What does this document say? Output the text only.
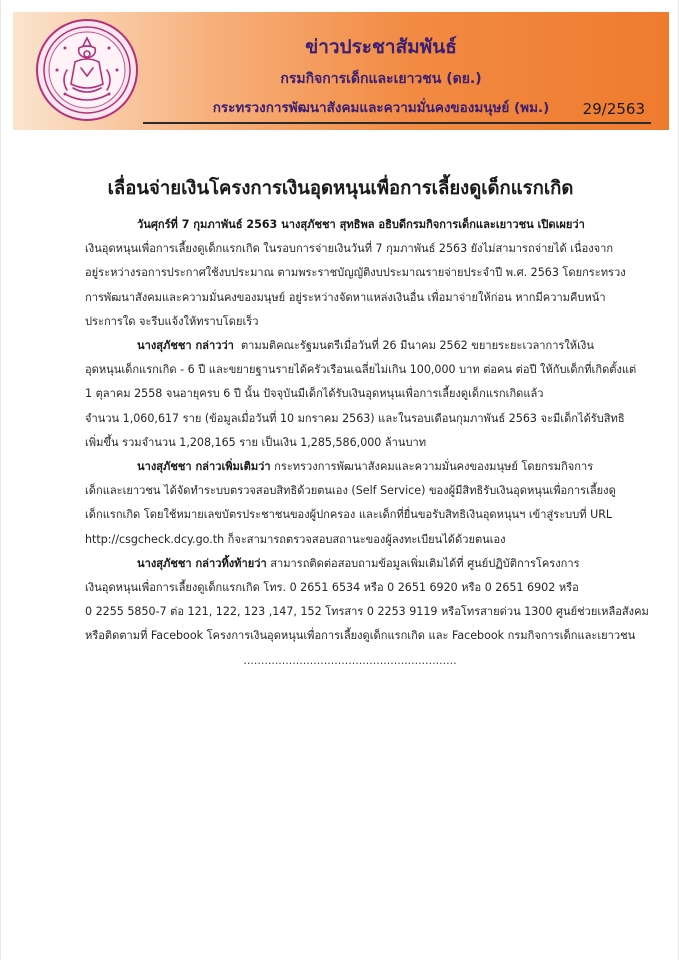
ข่าวประชาสัมพันธ์
กรมกิจการเด็กและเยาวชน (ดย.)
กระทรวงการพัฒนาสังคมและความมั่นคงของมนุษย์ (พม.)	29/2563
เลื่อนจ่ายเงินโครงการเงินอุดหนุนเพื่อการเลี้ยงดูเด็กแรกเกิด

วันศุกร์ที่ 7 กุมภาพันธ์ 2563 นางสุภัชชา สุทธิพล อธิบดีกรมกิจการเด็กและเยาวชน เปิดเผยว่า
เงินอุดหนุนเพื่อการเลี้ยงดูเด็กแรกเกิด ในรอบการจ่ายเงินวันที่ 7 กุมภาพันธ์ 2563 ยังไม่สามารถจ่ายได้ เนื่องจาก
อยู่ระหว่างรอการประกาศใช้งบประมาณ ตามพระราชบัญญัติงบประมาณรายจ่ายประจำปี พ.ศ. 2563 โดยกระทรวง
การพัฒนาสังคมและความมั่นคงของมนุษย์ อยู่ระหว่างจัดหาแหล่งเงินอื่น เพื่อมาจ่ายให้ก่อน หากมีความคืบหน้า
ประการใด จะรีบแจ้งให้ทราบโดยเร็ว

นางสุภัชชา กล่าวว่า ตามมติคณะรัฐมนตรีเมื่อวันที่ 26 มีนาคม 2562 ขยายระยะเวลาการให้เงิน
อุดหนุนเด็กแรกเกิด - 6 ปี และขยายฐานรายได้ครัวเรือนเฉลี่ยไม่เกิน 100,000 บาท ต่อคน ต่อปี ให้กับเด็กที่เกิดตั้งแต่
1 ตุลาคม 2558 จนอายุครบ 6 ปี นั้น ปัจจุบันมีเด็กได้รับเงินอุดหนุนเพื่อการเลี้ยงดูเด็กแรกเกิดแล้ว
จำนวน 1,060,617 ราย (ข้อมูลเมื่อวันที่ 10 มกราคม 2563) และในรอบเดือนกุมภาพันธ์ 2563 จะมีเด็กได้รับสิทธิ
เพิ่มขึ้น รวมจำนวน 1,208,165 ราย เป็นเงิน 1,285,586,000 ล้านบาท

นางสุภัชชา กล่าวเพิ่มเติมว่า กระทรวงการพัฒนาสังคมและความมั่นคงของมนุษย์ โดยกรมกิจการ
เด็กและเยาวชน ได้จัดทำระบบตรวจสอบสิทธิด้วยตนเอง (Self Service) ของผู้มีสิทธิรับเงินอุดหนุนเพื่อการเลี้ยงดู
เด็กแรกเกิด โดยใช้หมายเลขบัตรประชาชนของผู้ปกครอง และเด็กที่ยื่นขอรับสิทธิเงินอุดหนุนฯ เข้าสู่ระบบที่ URL
http://csgcheck.dcy.go.th ก็จะสามารถตรวจสอบสถานะของผู้ลงทะเบียนได้ด้วยตนเอง

นางสุภัชชา กล่าวทิ้งท้ายว่า สามารถติดต่อสอบถามข้อมูลเพิ่มเติมได้ที่ ศูนย์ปฏิบัติการโครงการ
เงินอุดหนุนเพื่อการเลี้ยงดูเด็กแรกเกิด โทร. 0 2651 6534 หรือ 0 2651 6920 หรือ 0 2651 6902 หรือ
0 2255 5850-7 ต่อ 121, 122, 123 ,147, 152 โทรสาร 0 2253 9119 หรือโทรสายด่วน 1300 ศูนย์ช่วยเหลือสังคม
หรือติดตามที่ Facebook โครงการเงินอุดหนุนเพื่อการเลี้ยงดูเด็กแรกเกิด และ Facebook กรมกิจการเด็กและเยาวชน

.............................................................
